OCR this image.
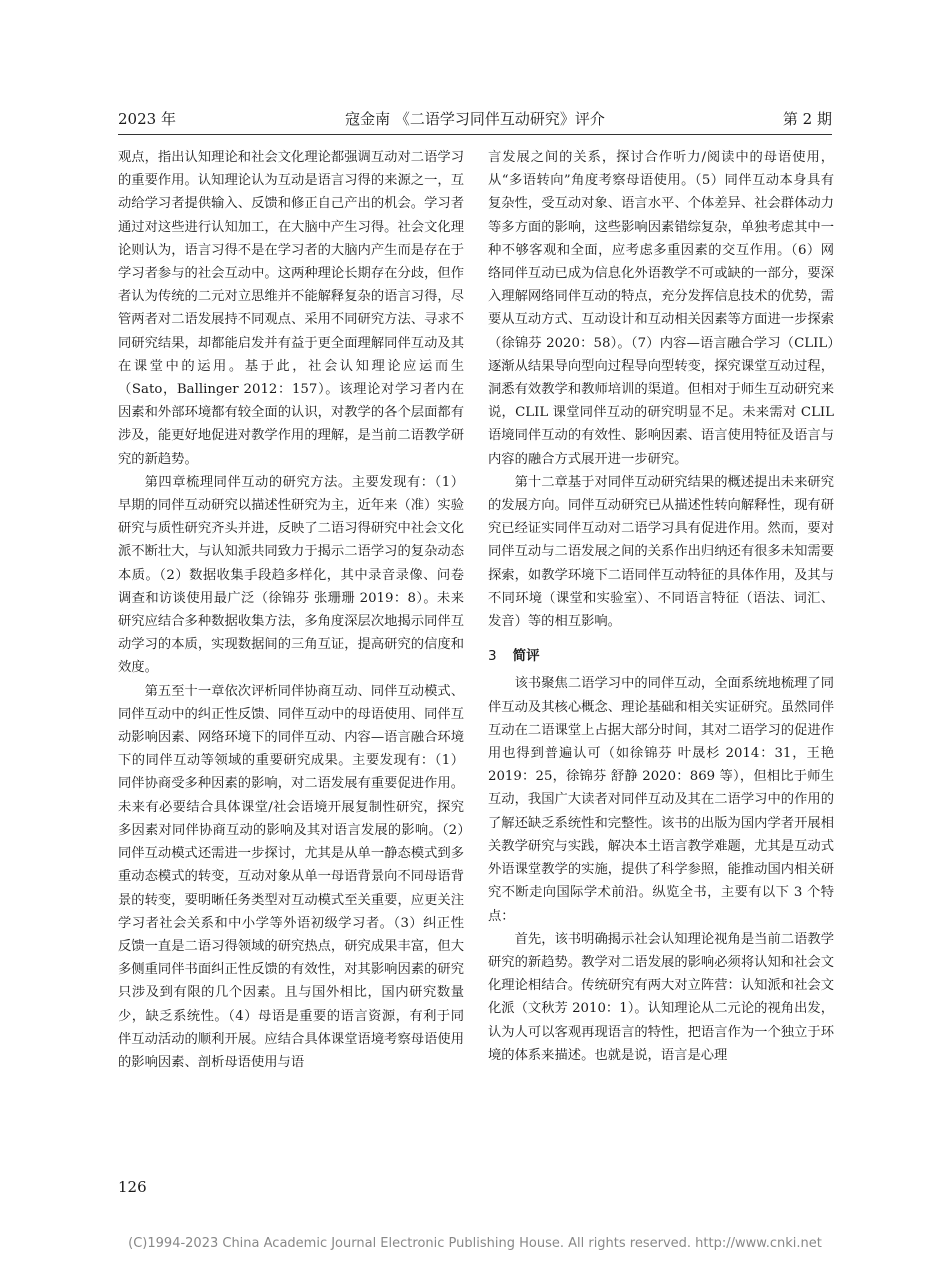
2023 年	寇金南 《二语学习同伴互动研究》评介	第 2 期

观点，指出认知理论和社会文化理论都强调互动对二语学习的重要作用。认知理论认为互动是语言习得的来源之一，互动给学习者提供输入、反馈和修正自己产出的机会。学习者通过对这些进行认知加工，在大脑中产生习得。社会文化理论则认为，语言习得不是在学习者的大脑内产生而是存在于学习者参与的社会互动中。这两种理论长期存在分歧，但作者认为传统的二元对立思维并不能解释复杂的语言习得，尽管两者对二语发展持不同观点、采用不同研究方法、寻求不同研究结果，却都能启发并有益于更全面理解同伴互动及其在课堂中的运用。基于此，社会认知理论应运而生（Sato，Ballinger 2012：157）。该理论对学习者内在因素和外部环境都有较全面的认识，对教学的各个层面都有涉及，能更好地促进对教学作用的理解，是当前二语教学研究的新趋势。

第四章梳理同伴互动的研究方法。主要发现有：（1）早期的同伴互动研究以描述性研究为主，近年来（准）实验研究与质性研究齐头并进，反映了二语习得研究中社会文化派不断壮大，与认知派共同致力于揭示二语学习的复杂动态本质。（2）数据收集手段趋多样化，其中录音录像、问卷调查和访谈使用最广泛（徐锦芬 张珊珊 2019：8）。未来研究应结合多种数据收集方法，多角度深层次地揭示同伴互动学习的本质，实现数据间的三角互证，提高研究的信度和效度。

第五至十一章依次评析同伴协商互动、同伴互动模式、同伴互动中的纠正性反馈、同伴互动中的母语使用、同伴互动影响因素、网络环境下的同伴互动、内容—语言融合环境下的同伴互动等领域的重要研究成果。主要发现有：（1）同伴协商受多种因素的影响，对二语发展有重要促进作用。未来有必要结合具体课堂/社会语境开展复制性研究，探究多因素对同伴协商互动的影响及其对语言发展的影响。（2）同伴互动模式还需进一步探讨，尤其是从单一静态模式到多重动态模式的转变，互动对象从单一母语背景向不同母语背景的转变，要明晰任务类型对互动模式至关重要，应更关注学习者社会关系和中小学等外语初级学习者。（3）纠正性反馈一直是二语习得领域的研究热点，研究成果丰富，但大多侧重同伴书面纠正性反馈的有效性，对其影响因素的研究只涉及到有限的几个因素。且与国外相比，国内研究数量少，缺乏系统性。（4）母语是重要的语言资源，有利于同伴互动活动的顺利开展。应结合具体课堂语境考察母语使用的影响因素、剖析母语使用与语

言发展之间的关系，探讨合作听力/阅读中的母语使用，从“多语转向”角度考察母语使用。（5）同伴互动本身具有复杂性，受互动对象、语言水平、个体差异、社会群体动力等多方面的影响，这些影响因素错综复杂，单独考虑其中一种不够客观和全面，应考虑多重因素的交互作用。（6）网络同伴互动已成为信息化外语教学不可或缺的一部分，要深入理解网络同伴互动的特点，充分发挥信息技术的优势，需要从互动方式、互动设计和互动相关因素等方面进一步探索（徐锦芬 2020：58）。（7）内容—语言融合学习（CLIL）逐渐从结果导向型向过程导向型转变，探究课堂互动过程，洞悉有效教学和教师培训的渠道。但相对于师生互动研究来说，CLIL 课堂同伴互动的研究明显不足。未来需对 CLIL 语境同伴互动的有效性、影响因素、语言使用特征及语言与内容的融合方式展开进一步研究。

第十二章基于对同伴互动研究结果的概述提出未来研究的发展方向。同伴互动研究已从描述性转向解释性，现有研究已经证实同伴互动对二语学习具有促进作用。然而，要对同伴互动与二语发展之间的关系作出归纳还有很多未知需要探索，如教学环境下二语同伴互动特征的具体作用，及其与不同环境（课堂和实验室）、不同语言特征（语法、词汇、发音）等的相互影响。

3 简评

该书聚焦二语学习中的同伴互动，全面系统地梳理了同伴互动及其核心概念、理论基础和相关实证研究。虽然同伴互动在二语课堂上占据大部分时间，其对二语学习的促进作用也得到普遍认可（如徐锦芬 叶晟杉 2014：31，王艳 2019：25，徐锦芬 舒静 2020：869 等），但相比于师生互动，我国广大读者对同伴互动及其在二语学习中的作用的了解还缺乏系统性和完整性。该书的出版为国内学者开展相关教学研究与实践，解决本土语言教学难题，尤其是互动式外语课堂教学的实施，提供了科学参照，能推动国内相关研究不断走向国际学术前沿。纵览全书，主要有以下 3 个特点：

首先，该书明确揭示社会认知理论视角是当前二语教学研究的新趋势。教学对二语发展的影响必须将认知和社会文化理论相结合。传统研究有两大对立阵营：认知派和社会文化派（文秋芳 2010：1）。认知理论从二元论的视角出发，认为人可以客观再现语言的特性，把语言作为一个独立于环境的体系来描述。也就是说，语言是心理

126
(C)1994-2023 China Academic Journal Electronic Publishing House. All rights reserved. http://www.cnki.net
